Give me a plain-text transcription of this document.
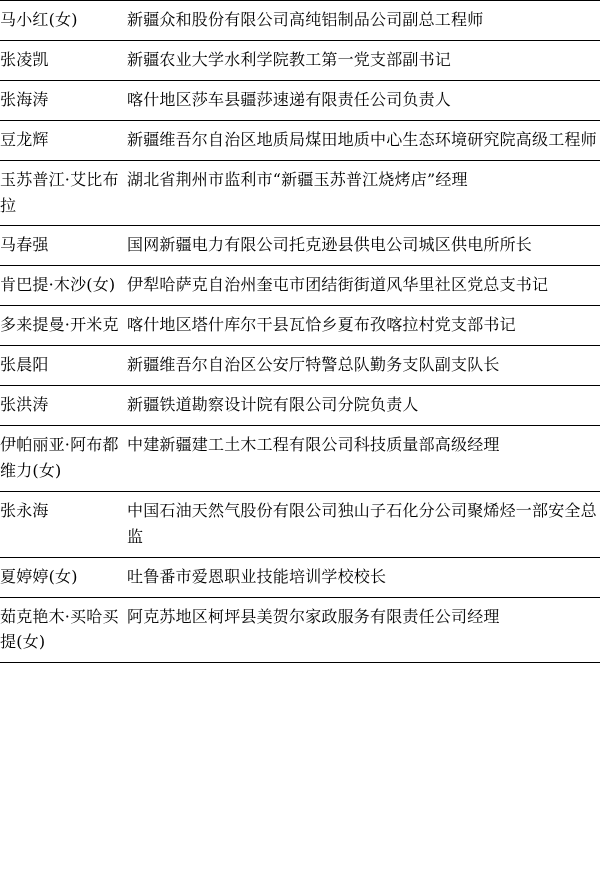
马小红(女)	新疆众和股份有限公司高纯铝制品公司副总工程师
张凌凯	新疆农业大学水利学院教工第一党支部副书记
张海涛	喀什地区莎车县疆莎速递有限责任公司负责人
豆龙辉	新疆维吾尔自治区地质局煤田地质中心生态环境研究院高级工程师
玉苏普江·艾比布拉	湖北省荆州市监利市“新疆玉苏普江烧烤店”经理
马春强	国网新疆电力有限公司托克逊县供电公司城区供电所所长
肯巴提·木沙(女)	伊犁哈萨克自治州奎屯市团结街街道风华里社区党总支书记
多来提曼·开米克	喀什地区塔什库尔干县瓦恰乡夏布孜喀拉村党支部书记
张晨阳	新疆维吾尔自治区公安厅特警总队勤务支队副支队长
张洪涛	新疆铁道勘察设计院有限公司分院负责人
伊帕丽亚·阿布都维力(女)	中建新疆建工土木工程有限公司科技质量部高级经理
张永海	中国石油天然气股份有限公司独山子石化分公司聚烯烃一部安全总监
夏婷婷(女)	吐鲁番市爱恩职业技能培训学校校长
茹克艳木·买哈买提(女)	阿克苏地区柯坪县美贺尔家政服务有限责任公司经理
